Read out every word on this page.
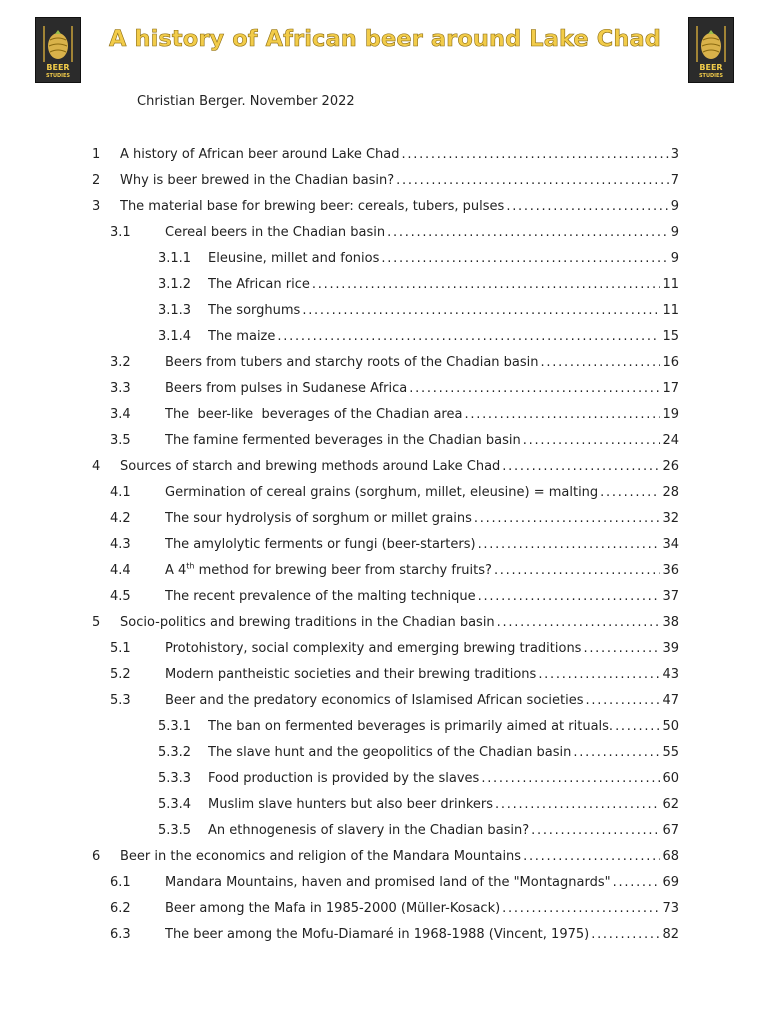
BEER
STUDIES
BEER
STUDIES
A history of African beer around Lake Chad
Christian Berger. November 2022
1 A history of African beer around Lake Chad . . .	3
2 Why is beer brewed in the Chadian basin? . . .	7
3 The material base for brewing beer: cereals, tubers, pulses . . .	9
3.1	Cereal beers in the Chadian basin . . .	9
3.1.1 Eleusine, millet and fonios . . .	9
3.1.2 The African rice . . .	11
3.1.3 The sorghums . . .	11
3.1.4 The maize . . .	15
3.2	Beers from tubers and starchy roots of the Chadian basin . . .	16
3.3	Beers from pulses in Sudanese Africa . . .	17
3.4	The  beer-like  beverages of the Chadian area . . .	19
3.5	The famine fermented beverages in the Chadian basin . . .	24
4 Sources of starch and brewing methods around Lake Chad . . .	26
4.1	Germination of cereal grains (sorghum, millet, eleusine) = malting . . .	28
4.2	The sour hydrolysis of sorghum or millet grains . . .	32
4.3	The amylolytic ferments or fungi (beer-starters) . . .	34
4.4	A 4th method for brewing beer from starchy fruits? . . .	36
4.5	The recent prevalence of the malting technique . . .	37
5 Socio-politics and brewing traditions in the Chadian basin . . .	38
5.1	Protohistory, social complexity and emerging brewing traditions . . .	39
5.2	Modern pantheistic societies and their brewing traditions . . .	43
5.3	Beer and the predatory economics of Islamised African societies . . .	47
5.3.1 The ban on fermented beverages is primarily aimed at rituals. . . .	50
5.3.2 The slave hunt and the geopolitics of the Chadian basin . . .	55
5.3.3 Food production is provided by the slaves . . .	60
5.3.4 Muslim slave hunters but also beer drinkers . . .	62
5.3.5 An ethnogenesis of slavery in the Chadian basin? . . .	67
6 Beer in the economics and religion of the Mandara Mountains . . .	68
6.1	Mandara Mountains, haven and promised land of the "Montagnards" . . .	69
6.2	Beer among the Mafa in 1985-2000 (Müller-Kosack) . . .	73
6.3	The beer among the Mofu-Diamaré in 1968-1988 (Vincent, 1975) . . .	82
